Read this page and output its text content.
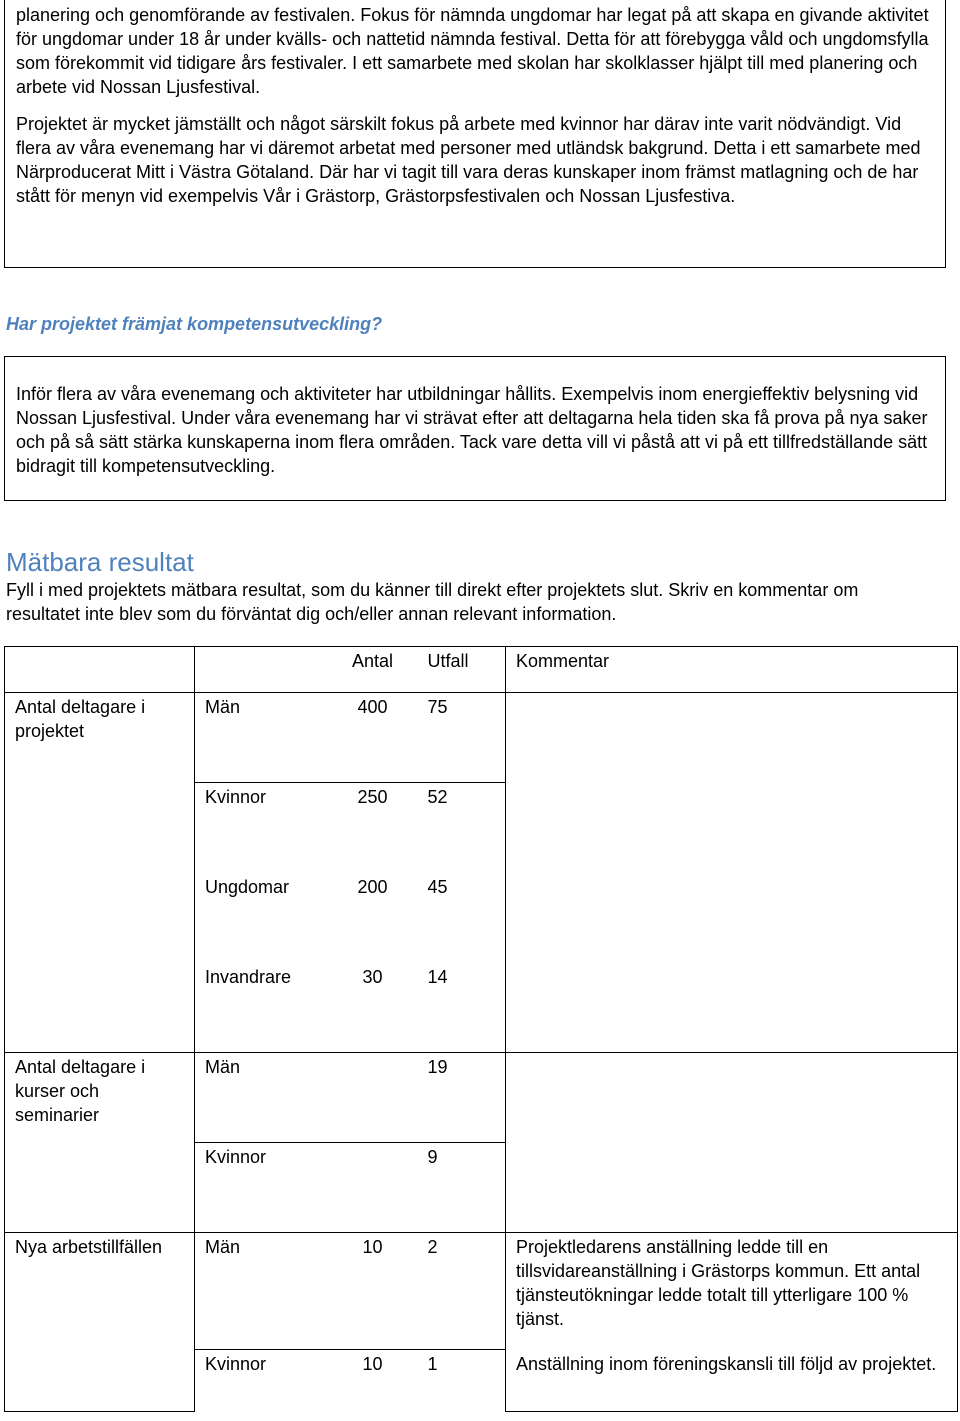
planering och genomförande av festivalen. Fokus för nämnda ungdomar har legat på att skapa en givande aktivitet för ungdomar under 18 år under kvälls- och nattetid nämnda festival. Detta för att förebygga våld och ungdomsfylla som förekommit vid tidigare års festivaler. I ett samarbete med skolan har skolklasser hjälpt till med planering och arbete vid Nossan Ljusfestival.

Projektet är mycket jämställt och något särskilt fokus på arbete med kvinnor har därav inte varit nödvändigt. Vid flera av våra evenemang har vi däremot arbetat med personer med utländsk bakgrund. Detta i ett samarbete med Närproducerat Mitt i Västra Götaland. Där har vi tagit till vara deras kunskaper inom främst matlagning och de har stått för menyn vid exempelvis Vår i Grästorp, Grästorpsfestivalen och Nossan Ljusfestiva.

Har projektet främjat kompetensutveckling?

Inför flera av våra evenemang och aktiviteter har utbildningar hållits. Exempelvis inom energieffektiv belysning vid Nossan Ljusfestival. Under våra evenemang har vi strävat efter att deltagarna hela tiden ska få prova på nya saker och på så sätt stärka kunskaperna inom flera områden. Tack vare detta vill vi påstå att vi på ett tillfredställande sätt bidragit till kompetensutveckling.

Mätbara resultat

Fyll i med projektets mätbara resultat, som du känner till direkt efter projektets slut. Skriv en kommentar om resultatet inte blev som du förväntat dig och/eller annan relevant information.

		Antal	Utfall	Kommentar
Antal deltagare i projektet	Män	400	75	
	Kvinnor	250	52	
	Ungdomar	200	45	
	Invandrare	30	14	
Antal deltagare i kurser och seminarier	Män		19	
	Kvinnor		9	
Nya arbetstillfällen	Män	10	2	Projektledarens anställning ledde till en tillsvidareanställning i Grästorps kommun. Ett antal tjänsteutökningar ledde totalt till ytterligare 100 % tjänst.
	Kvinnor	10	1	Anställning inom föreningskansli till följd av projektet.
